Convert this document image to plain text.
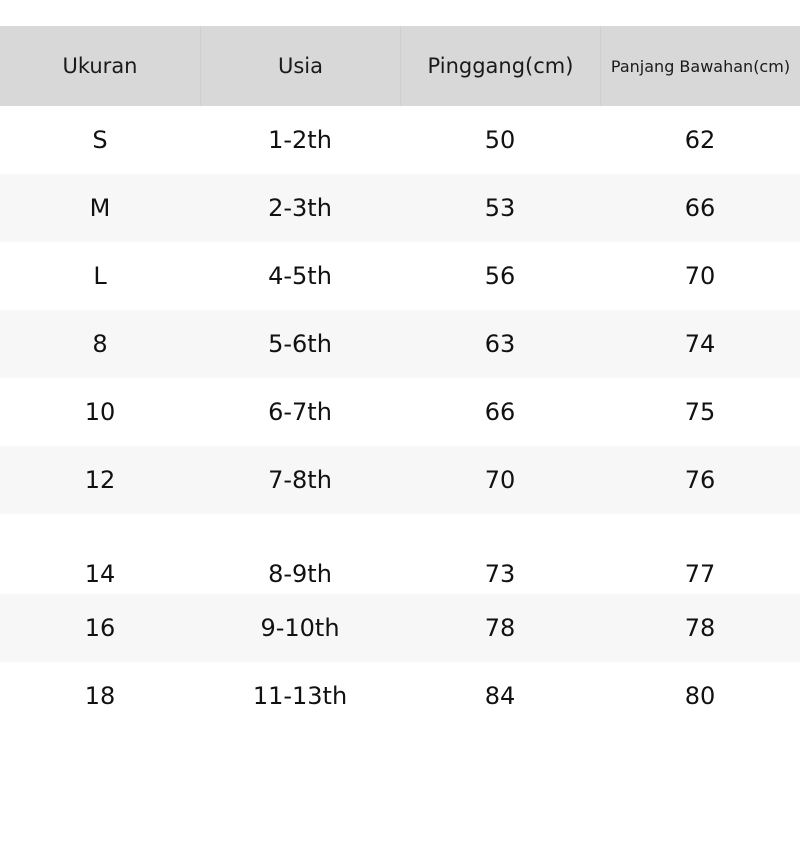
Ukuran	Usia	Pinggang(cm)	Panjang Bawahan(cm)
S	1-2th	50	62
M	2-3th	53	66
L	4-5th	56	70
8	5-6th	63	74
10	6-7th	66	75
12	7-8th	70	76
14	8-9th	73	77
16	9-10th	78	78
18	11-13th	84	80
